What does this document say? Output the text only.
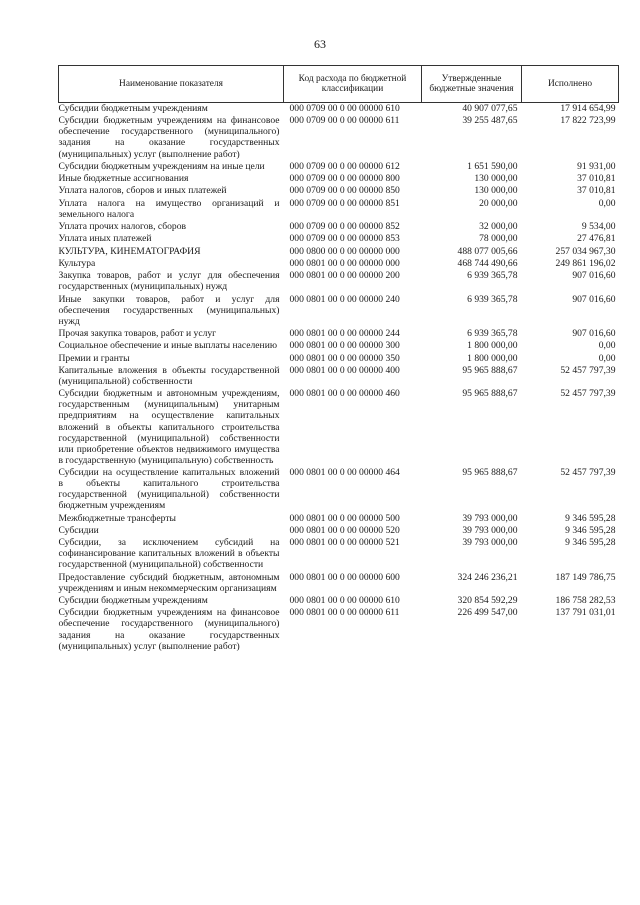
63
Наименование показателя	Код расхода по бюджетной классификации	Утвержденные бюджетные значения	Исполнено
Субсидии бюджетным учреждениям	000 0709 00 0 00 00000 610	40 907 077,65	17 914 654,99
Субсидии бюджетным учреждениям на финансовое обеспечение государственного (муниципального) задания на оказание государственных (муниципальных) услуг (выполнение работ)	000 0709 00 0 00 00000 611	39 255 487,65	17 822 723,99
Субсидии бюджетным учреждениям на иные цели	000 0709 00 0 00 00000 612	1 651 590,00	91 931,00
Иные бюджетные ассигнования	000 0709 00 0 00 00000 800	130 000,00	37 010,81
Уплата налогов, сборов и иных платежей	000 0709 00 0 00 00000 850	130 000,00	37 010,81
Уплата налога на имущество организаций и земельного налога	000 0709 00 0 00 00000 851	20 000,00	0,00
Уплата прочих налогов, сборов	000 0709 00 0 00 00000 852	32 000,00	9 534,00
Уплата иных платежей	000 0709 00 0 00 00000 853	78 000,00	27 476,81
КУЛЬТУРА, КИНЕМАТОГРАФИЯ	000 0800 00 0 00 00000 000	488 077 005,66	257 034 967,30
Культура	000 0801 00 0 00 00000 000	468 744 490,66	249 861 196,02
Закупка товаров, работ и услуг для обеспечения государственных (муниципальных) нужд	000 0801 00 0 00 00000 200	6 939 365,78	907 016,60
Иные закупки товаров, работ и услуг для обеспечения государственных (муниципальных) нужд	000 0801 00 0 00 00000 240	6 939 365,78	907 016,60
Прочая закупка товаров, работ и услуг	000 0801 00 0 00 00000 244	6 939 365,78	907 016,60
Социальное обеспечение и иные выплаты населению	000 0801 00 0 00 00000 300	1 800 000,00	0,00
Премии и гранты	000 0801 00 0 00 00000 350	1 800 000,00	0,00
Капитальные вложения в объекты государственной (муниципальной) собственности	000 0801 00 0 00 00000 400	95 965 888,67	52 457 797,39
Субсидии бюджетным и автономным учреждениям, государственным (муниципальным) унитарным предприятиям на осуществление капитальных вложений в объекты капитального строительства государственной (муниципальной) собственности или приобретение объектов недвижимого имущества в государственную (муниципальную) собственность	000 0801 00 0 00 00000 460	95 965 888,67	52 457 797,39
Субсидии на осуществление капитальных вложений в объекты капитального строительства государственной (муниципальной) собственности бюджетным учреждениям	000 0801 00 0 00 00000 464	95 965 888,67	52 457 797,39
Межбюджетные трансферты	000 0801 00 0 00 00000 500	39 793 000,00	9 346 595,28
Субсидии	000 0801 00 0 00 00000 520	39 793 000,00	9 346 595,28
Субсидии, за исключением субсидий на софинансирование капитальных вложений в объекты государственной (муниципальной) собственности	000 0801 00 0 00 00000 521	39 793 000,00	9 346 595,28
Предоставление субсидий бюджетным, автономным учреждениям и иным некоммерческим организациям	000 0801 00 0 00 00000 600	324 246 236,21	187 149 786,75
Субсидии бюджетным учреждениям	000 0801 00 0 00 00000 610	320 854 592,29	186 758 282,53
Субсидии бюджетным учреждениям на финансовое обеспечение государственного (муниципального) задания на оказание государственных (муниципальных) услуг (выполнение работ)	000 0801 00 0 00 00000 611	226 499 547,00	137 791 031,01
